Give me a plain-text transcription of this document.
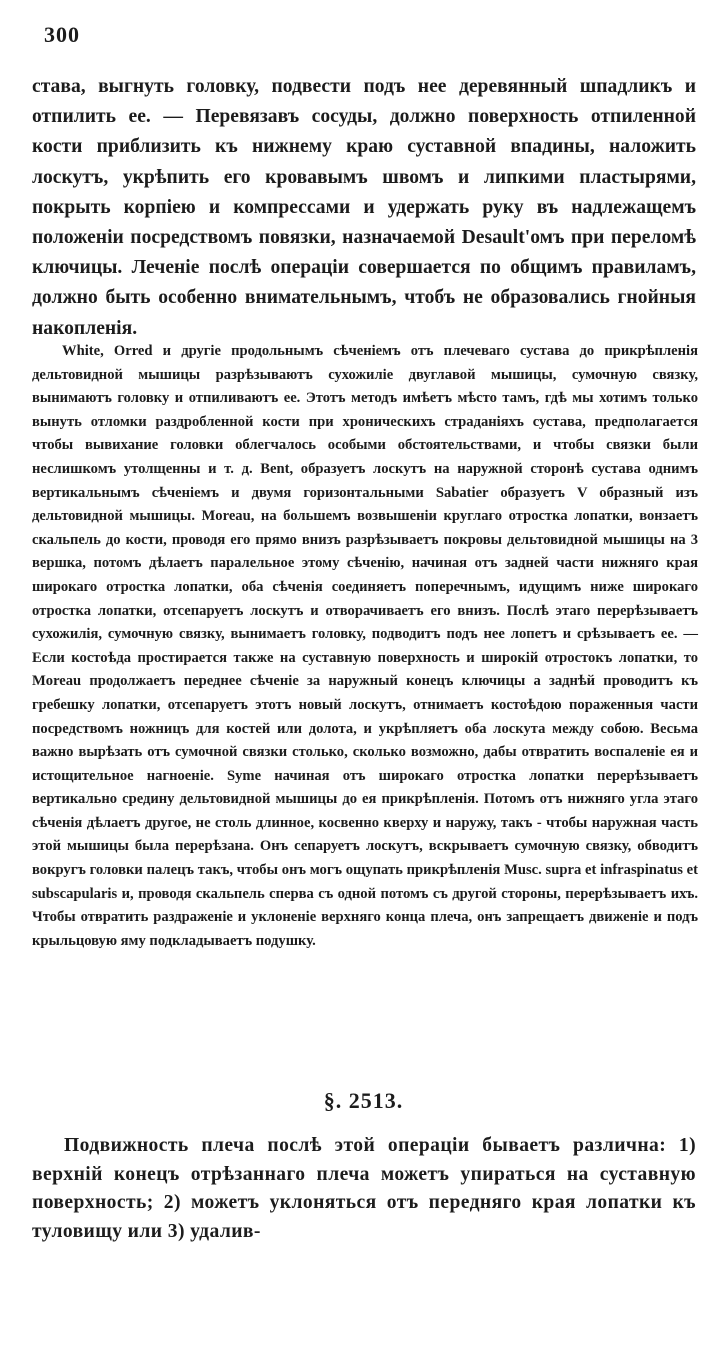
300

става, выгнуть головку, подвести подъ нее деревянный шпадликъ и отпилить ее. — Перевязавъ сосуды, должно поверхность отпиленной кости приблизить къ нижнему краю суставной впадины, наложить лоскутъ, укрѣпить его кровавымъ швомъ и липкими пластырями, покрыть корпіею и компрессами и удержать руку въ надлежащемъ положеніи посредствомъ повязки, назначаемой Desault'омъ при переломѣ ключицы. Леченіе послѣ операціи совершается по общимъ правиламъ, должно быть особенно внимательнымъ, чтобъ не образовались гнойныя накопленія.

White, Orred и другіе продольнымъ сѣченіемъ отъ плечеваго сустава до прикрѣпленія дельтовидной мышицы разрѣзываютъ сухожиліе двуглавой мышицы, сумочную связку, вынимаютъ головку и отпиливаютъ ее. Этотъ методъ имѣетъ мѣсто тамъ, гдѣ мы хотимъ только вынуть отломки раздробленной кости при хроническихъ страданіяхъ сустава, предполагается чтобы вывихание головки облегчалось особыми обстоятельствами, и чтобы связки были неслишкомъ утолщенны и т. д. Bent, образуетъ лоскутъ на наружной сторонѣ сустава однимъ вертикальнымъ сѣченіемъ и двумя горизонтальными Sabatier образуетъ V образный изъ дельтовидной мышицы. Moreau, на большемъ возвышеніи круглаго отростка лопатки, вонзаетъ скальпель до кости, проводя его прямо внизъ разрѣзываетъ покровы дельтовидной мышицы на 3 вершка, потомъ дѣлаетъ паралельное этому сѣченію, начиная отъ задней части нижняго края широкаго отростка лопатки, оба сѣченія соединяетъ поперечнымъ, идущимъ ниже широкаго отростка лопатки, отсепаруетъ лоскутъ и отворачиваетъ его внизъ. Послѣ этаго перерѣзываетъ сухожилія, сумочную связку, вынимаетъ головку, подводитъ подъ нее лопетъ и срѣзываетъ ее. — Если костоѣда простирается также на суставную поверхность и широкій отростокъ лопатки, то Moreau продолжаетъ переднее сѣченіе за наружный конецъ ключицы а заднѣй проводитъ къ гребешку лопатки, отсепаруетъ этотъ новый лоскутъ, отнимаетъ костоѣдою пораженныя части посредствомъ ножницъ для костей или долота, и укрѣпляетъ оба лоскута между собою. Весьма важно вырѣзать отъ сумочной связки столько, сколько возможно, дабы отвратить воспаленіе ея и истощительное нагноеніе. Syme начиная отъ широкаго отростка лопатки перерѣзываетъ вертикально средину дельтовидной мышицы до ея прикрѣпленія. Потомъ отъ нижняго угла этаго сѣченія дѣлаетъ другое, не столь длинное, косвенно кверху и наружу, такъ - чтобы наружная часть этой мышицы была перерѣзана. Онъ сепаруетъ лоскутъ, вскрываетъ сумочную связку, обводитъ вокругъ головки палецъ такъ, чтобы онъ могъ ощупать прикрѣпленія Musc. supra et infraspinatus et subscapularis и, проводя скальпель сперва съ одной потомъ съ другой стороны, перерѣзываетъ ихъ. Чтобы отвратить раздраженіе и уклоненіе верхняго конца плеча, онъ запрещаетъ движеніе и подъ крыльцовую яму подкладываетъ подушку.

§. 2513.

Подвижность плеча послѣ этой операціи бываетъ различна: 1) верхній конецъ отрѣзаннаго плеча можетъ упираться на суставную поверхность; 2) можетъ уклоняться отъ передняго края лопатки къ туловищу или 3) удалив-
